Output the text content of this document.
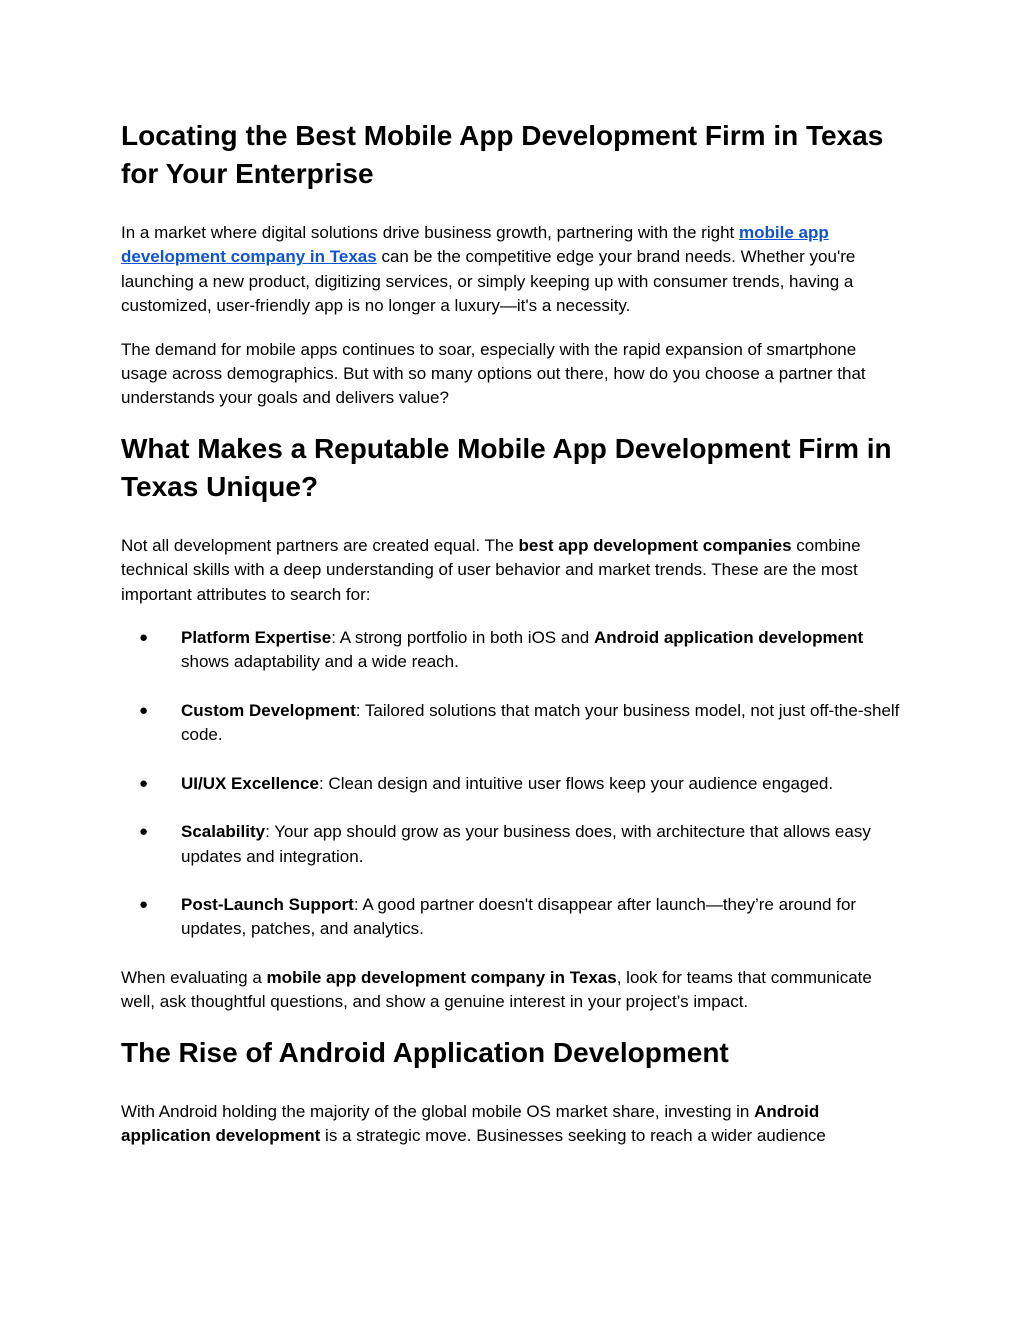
Locating the Best Mobile App Development Firm in Texas for Your Enterprise

In a market where digital solutions drive business growth, partnering with the right mobile app development company in Texas can be the competitive edge your brand needs. Whether you're launching a new product, digitizing services, or simply keeping up with consumer trends, having a customized, user-friendly app is no longer a luxury—it's a necessity.

The demand for mobile apps continues to soar, especially with the rapid expansion of smartphone usage across demographics. But with so many options out there, how do you choose a partner that understands your goals and delivers value?

What Makes a Reputable Mobile App Development Firm in Texas Unique?

Not all development partners are created equal. The best app development companies combine technical skills with a deep understanding of user behavior and market trends. These are the most important attributes to search for:

● Platform Expertise: A strong portfolio in both iOS and Android application development shows adaptability and a wide reach.
● Custom Development: Tailored solutions that match your business model, not just off-the-shelf code.
● UI/UX Excellence: Clean design and intuitive user flows keep your audience engaged.
● Scalability: Your app should grow as your business does, with architecture that allows easy updates and integration.
● Post-Launch Support: A good partner doesn't disappear after launch—they’re around for updates, patches, and analytics.

When evaluating a mobile app development company in Texas, look for teams that communicate well, ask thoughtful questions, and show a genuine interest in your project’s impact.

The Rise of Android Application Development

With Android holding the majority of the global mobile OS market share, investing in Android application development is a strategic move. Businesses seeking to reach a wider audience
